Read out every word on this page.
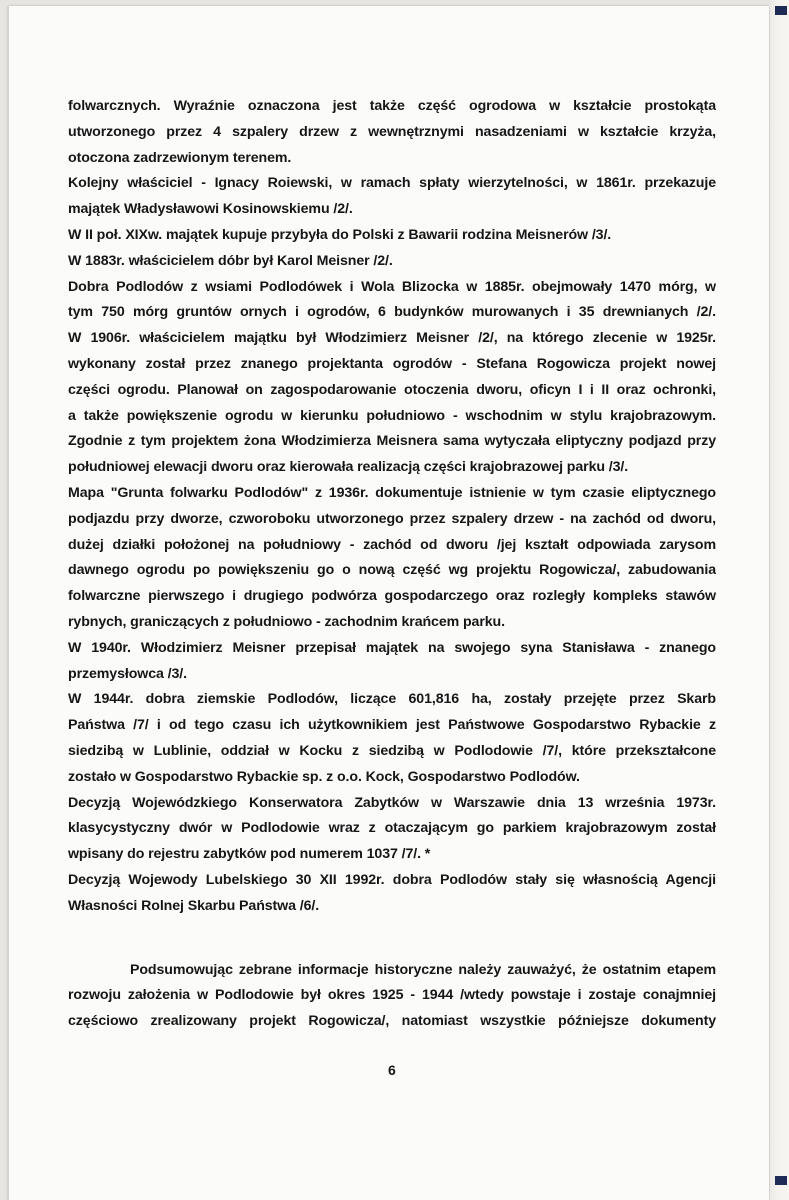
folwarcznych. Wyraźnie oznaczona jest także część ogrodowa w kształcie prostokąta
utworzonego przez 4 szpalery drzew z wewnętrznymi nasadzeniami w kształcie krzyża,
otoczona zadrzewionym terenem.
Kolejny właściciel - Ignacy Roiewski, w ramach spłaty wierzytelności, w 1861r. przekazuje
majątek Władysławowi Kosinowskiemu /2/.
W II poł. XIXw. majątek kupuje przybyła do Polski z Bawarii rodzina Meisnerów /3/.
W 1883r. właścicielem dóbr był Karol Meisner /2/.
Dobra Podlodów z wsiami Podlodówek i Wola Blizocka w 1885r. obejmowały 1470 mórg, w
tym 750 mórg gruntów ornych i ogrodów, 6 budynków murowanych i 35 drewnianych /2/.
W 1906r. właścicielem majątku był Włodzimierz Meisner /2/, na którego zlecenie w 1925r.
wykonany został przez znanego projektanta ogrodów - Stefana Rogowicza projekt nowej
części ogrodu. Planował on zagospodarowanie otoczenia dworu, oficyn I i II oraz ochronki,
a także powiększenie ogrodu w kierunku południowo - wschodnim w stylu krajobrazowym.
Zgodnie z tym projektem żona Włodzimierza Meisnera sama wytyczała eliptyczny podjazd przy
południowej elewacji dworu oraz kierowała realizacją części krajobrazowej parku /3/.
Mapa "Grunta folwarku Podlodów" z 1936r. dokumentuje istnienie w tym czasie eliptycznego
podjazdu przy dworze, czworoboku utworzonego przez szpalery drzew - na zachód od dworu,
dużej działki położonej na południowy - zachód od dworu /jej kształt odpowiada zarysom
dawnego ogrodu po powiększeniu go o nową część wg projektu Rogowicza/, zabudowania
folwarczne pierwszego i drugiego podwórza gospodarczego oraz rozległy kompleks stawów
rybnych, graniczących z południowo - zachodnim krańcem parku.
W 1940r. Włodzimierz Meisner przepisał majątek na swojego syna Stanisława - znanego
przemysłowca /3/.
W 1944r. dobra ziemskie Podlodów, liczące 601,816 ha, zostały przejęte przez Skarb
Państwa /7/ i od tego czasu ich użytkownikiem jest Państwowe Gospodarstwo Rybackie z
siedzibą w Lublinie, oddział w Kocku z siedzibą w Podlodowie /7/, które przekształcone
zostało w Gospodarstwo Rybackie sp. z o.o. Kock, Gospodarstwo Podlodów.
Decyzją Wojewódzkiego Konserwatora Zabytków w Warszawie dnia 13 września 1973r.
klasycystyczny dwór w Podlodowie wraz z otaczającym go parkiem krajobrazowym został
wpisany do rejestru zabytków pod numerem 1037 /7/. *
Decyzją Wojewody Lubelskiego 30 XII 1992r. dobra Podlodów stały się własnością Agencji
Własności Rolnej Skarbu Państwa /6/.
Podsumowując zebrane informacje historyczne należy zauważyć, że ostatnim etapem
rozwoju założenia w Podlodowie był okres 1925 - 1944 /wtedy powstaje i zostaje conajmniej
częściowo zrealizowany projekt Rogowicza/, natomiast wszystkie późniejsze dokumenty
6
